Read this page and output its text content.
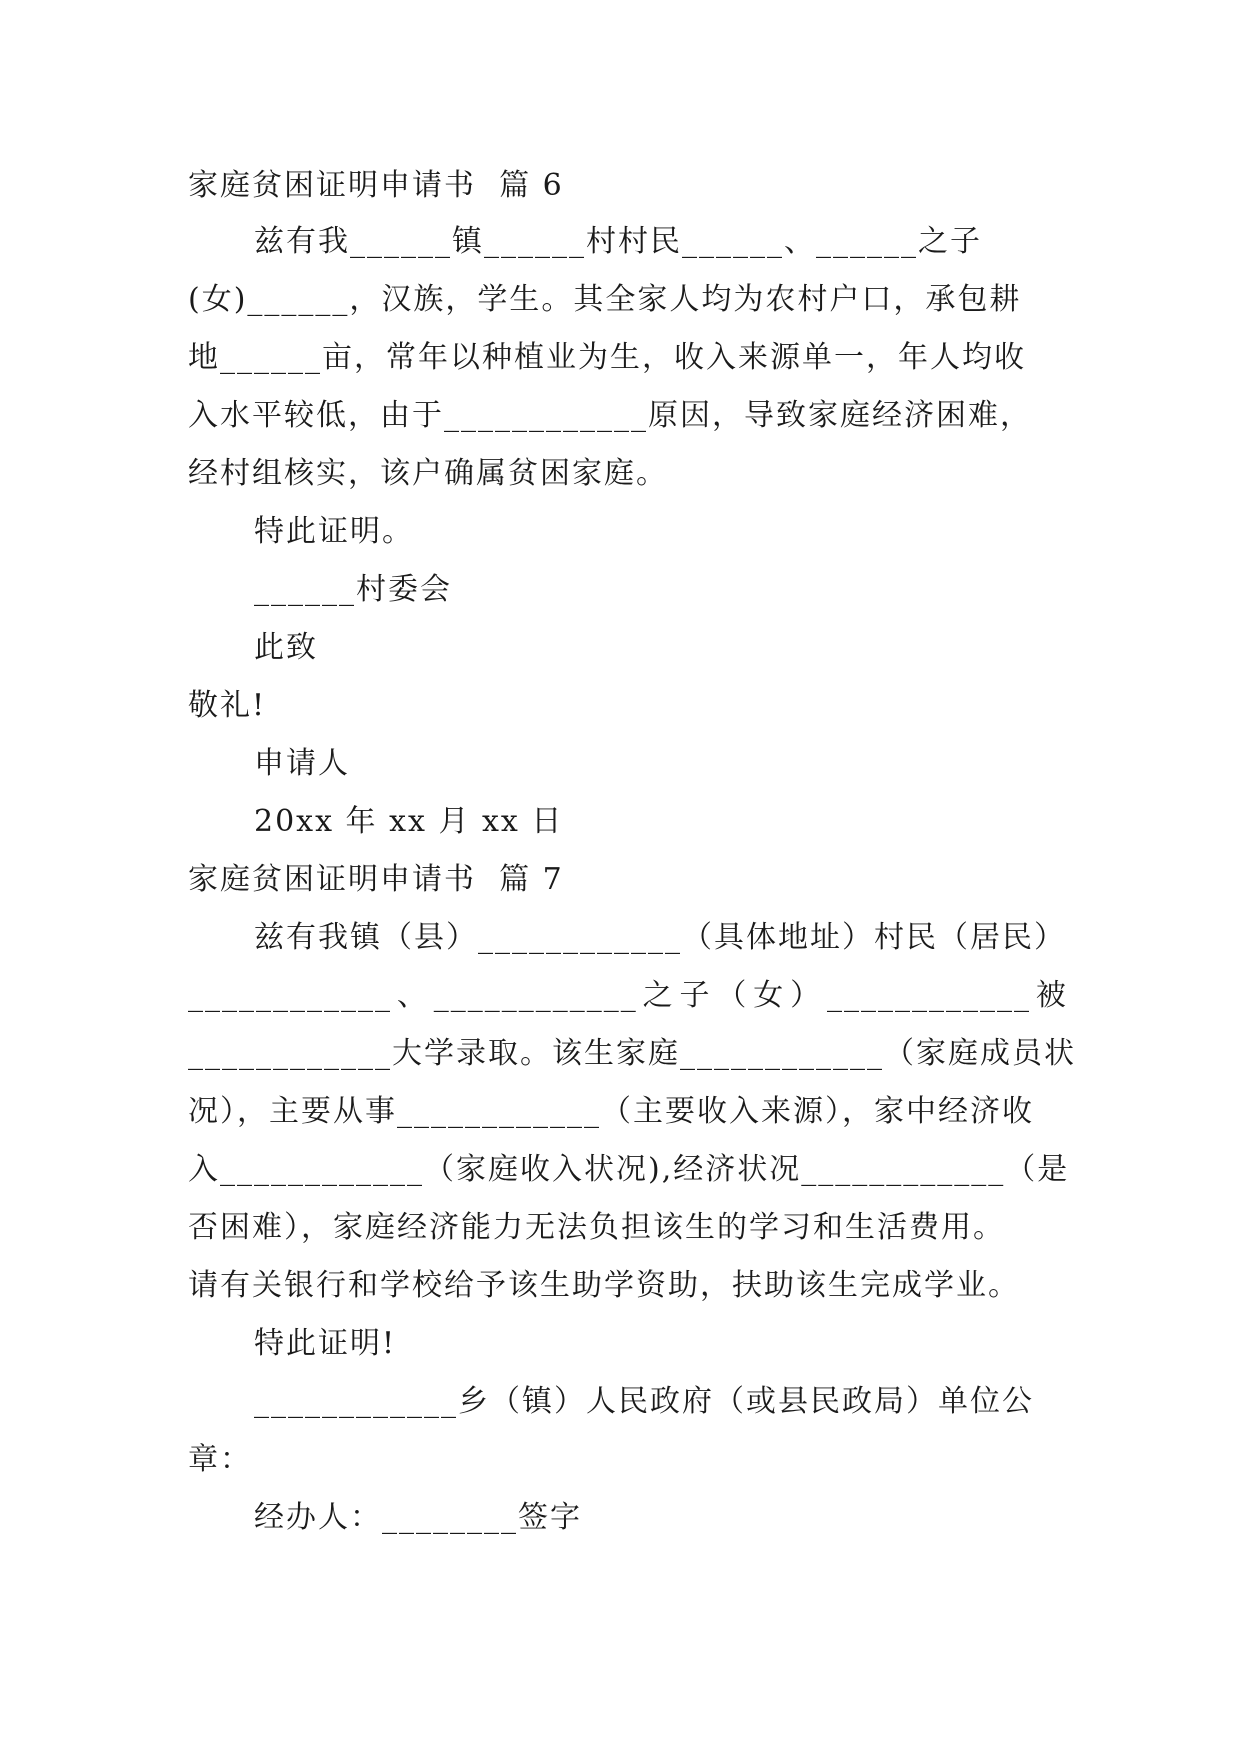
家庭贫困证明申请书  篇 6
兹有我______镇______村村民______、______之子
(女)______，汉族，学生。其全家人均为农村户口，承包耕
地______亩，常年以种植业为生，收入来源单一，年人均收
入水平较低，由于____________原因，导致家庭经济困难，
经村组核实，该户确属贫困家庭。
特此证明。
______村委会
此致
敬礼!
申请人
20xx 年 xx 月 xx 日
家庭贫困证明申请书  篇 7
兹有我镇（县）____________（具体地址）村民（居民）
____________ 、 ____________ 之 子 （ 女 ） ____________ 被
____________大学录取。该生家庭____________（家庭成员状
况），主要从事____________（主要收入来源），家中经济收
入____________（家庭收入状况),经济状况____________（是
否困难），家庭经济能力无法负担该生的学习和生活费用。
请有关银行和学校给予该生助学资助，扶助该生完成学业。
特此证明!
____________乡（镇）人民政府（或县民政局）单位公
章：
经办人：________签字
